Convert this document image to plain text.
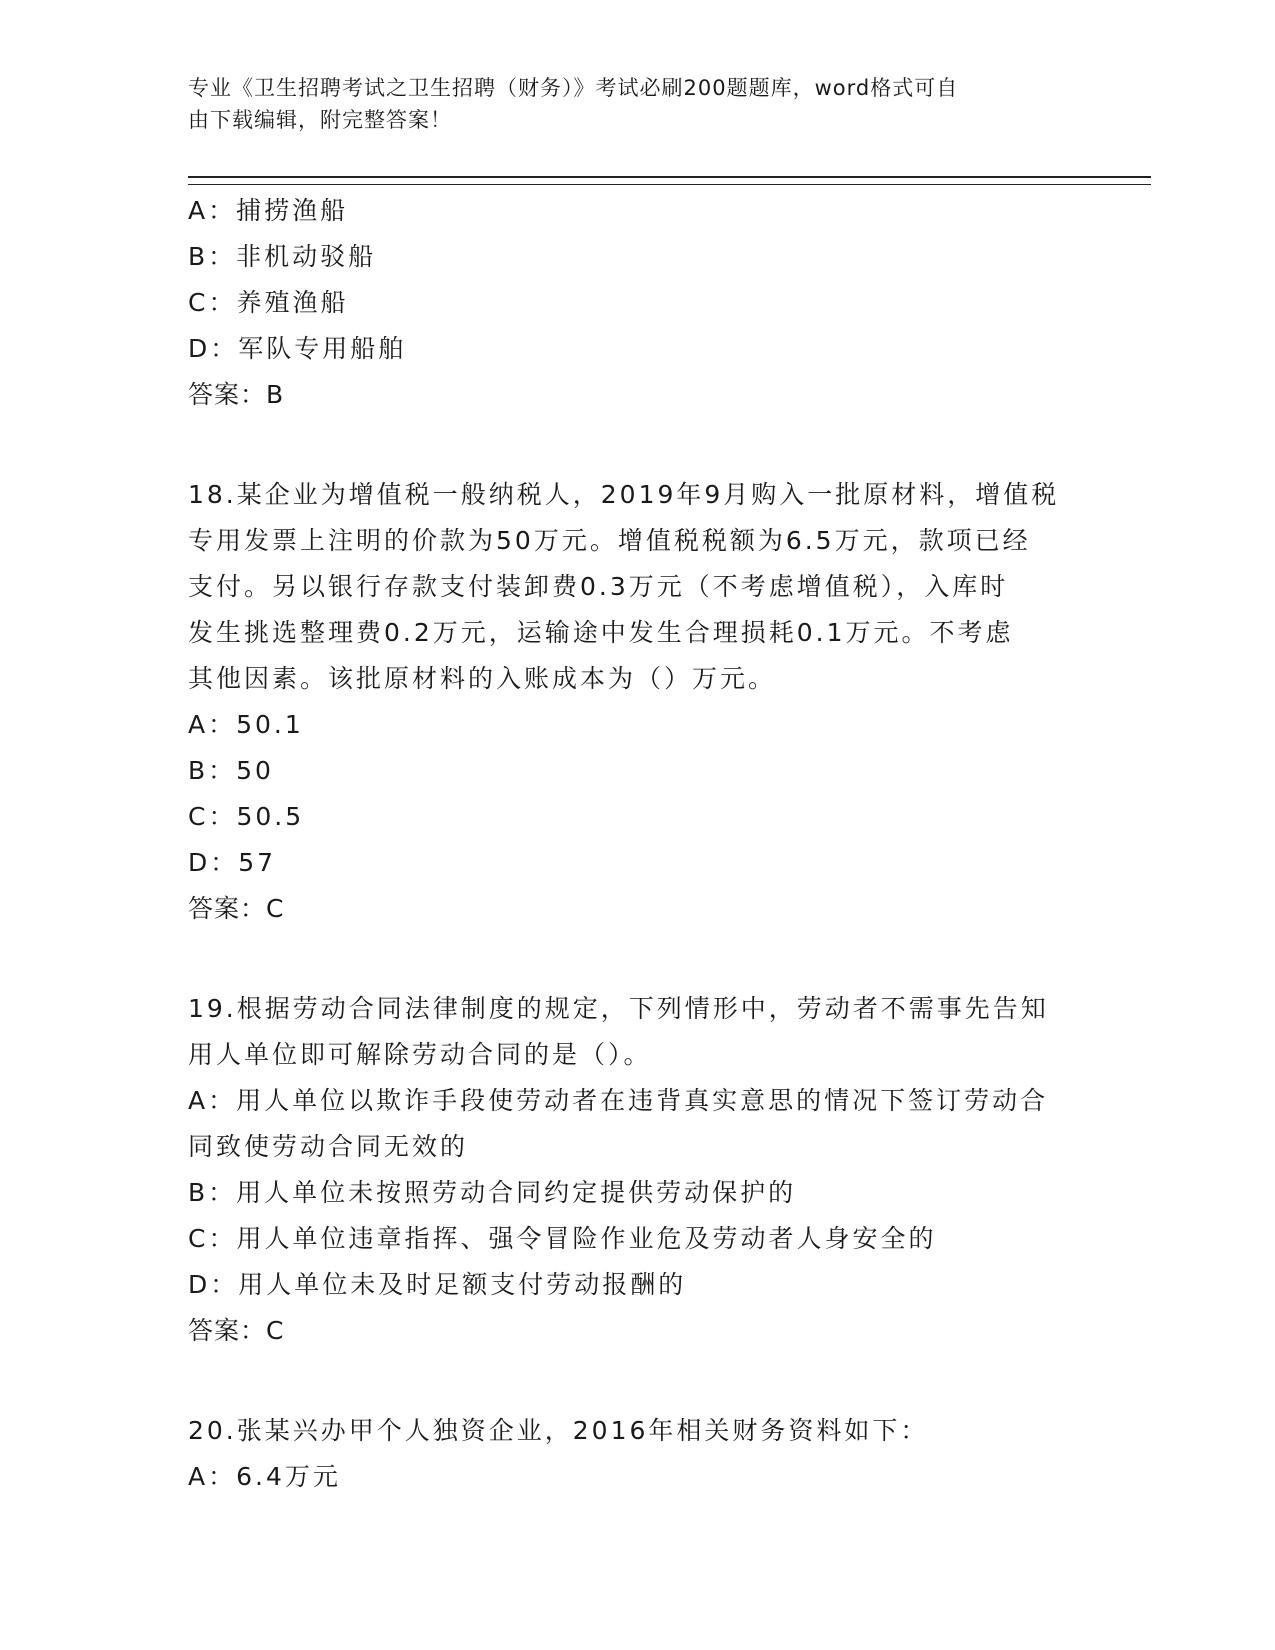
专业《卫生招聘考试之卫生招聘（财务）》考试必刷200题题库，word格式可自
由下载编辑，附完整答案！
A：捕捞渔船
B：非机动驳船
C：养殖渔船
D：军队专用船舶
答案：B
18.某企业为增值税一般纳税人，2019年9月购入一批原材料，增值税
专用发票上注明的价款为50万元。增值税税额为6.5万元，款项已经
支付。另以银行存款支付装卸费0.3万元（不考虑增值税），入库时
发生挑选整理费0.2万元，运输途中发生合理损耗0.1万元。不考虑
其他因素。该批原材料的入账成本为（）万元。
A：50.1
B：50
C：50.5
D：57
答案：C
19.根据劳动合同法律制度的规定，下列情形中，劳动者不需事先告知
用人单位即可解除劳动合同的是（）。
A：用人单位以欺诈手段使劳动者在违背真实意思的情况下签订劳动合
同致使劳动合同无效的
B：用人单位未按照劳动合同约定提供劳动保护的
C：用人单位违章指挥、强令冒险作业危及劳动者人身安全的
D：用人单位未及时足额支付劳动报酬的
答案：C
20.张某兴办甲个人独资企业，2016年相关财务资料如下：
A：6.4万元
